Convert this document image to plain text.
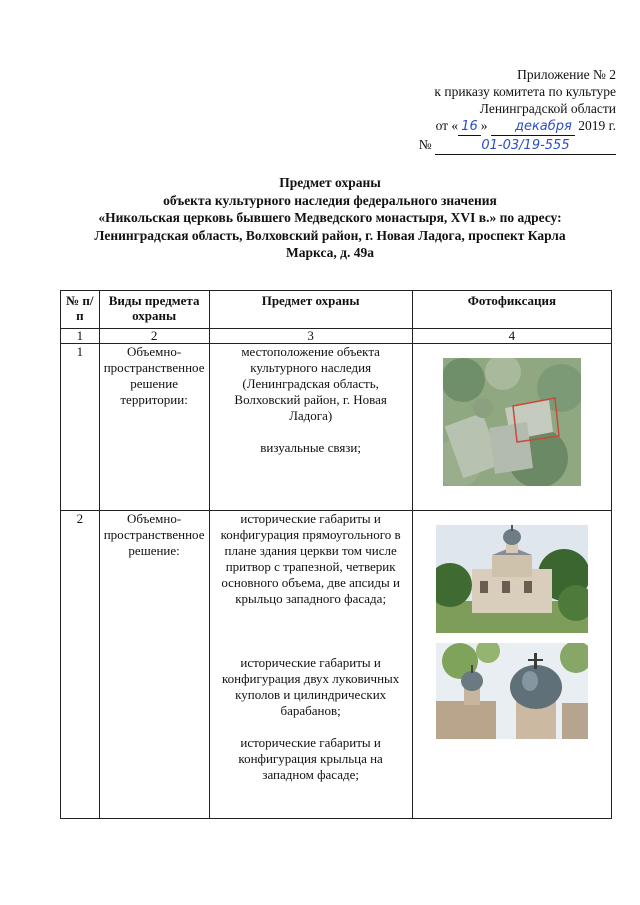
Приложение № 2
к приказу комитета по культуре
Ленинградской области
от « 16 » декабря 2019 г.
№	01-03/19-555
Предмет охраны
объекта культурного наследия федерального значения
«Никольская церковь бывшего Медведского монастыря, XVI в.» по адресу:
Ленинградская область, Волховский район, г. Новая Ладога, проспект Карла
Маркса, д. 49а
№ п/п	Виды предмета охраны	Предмет охраны	Фотофиксация
1	2	3	4
1	Объемно-пространственное решение территории:	местоположение объекта культурного наследия (Ленинградская область, Волховский район, г. Новая Ладога)
визуальные связи;

2	Объемно-пространственное решение:	исторические габариты и конфигурация прямоугольного в плане здания церкви том числе притвор с трапезной, четверик основного объема, две апсиды и крыльцо западного фасада;
исторические габариты и конфигурация двух луковичных куполов и цилиндрических барабанов;
исторические габариты и конфигурация крыльца на западном фасаде;
